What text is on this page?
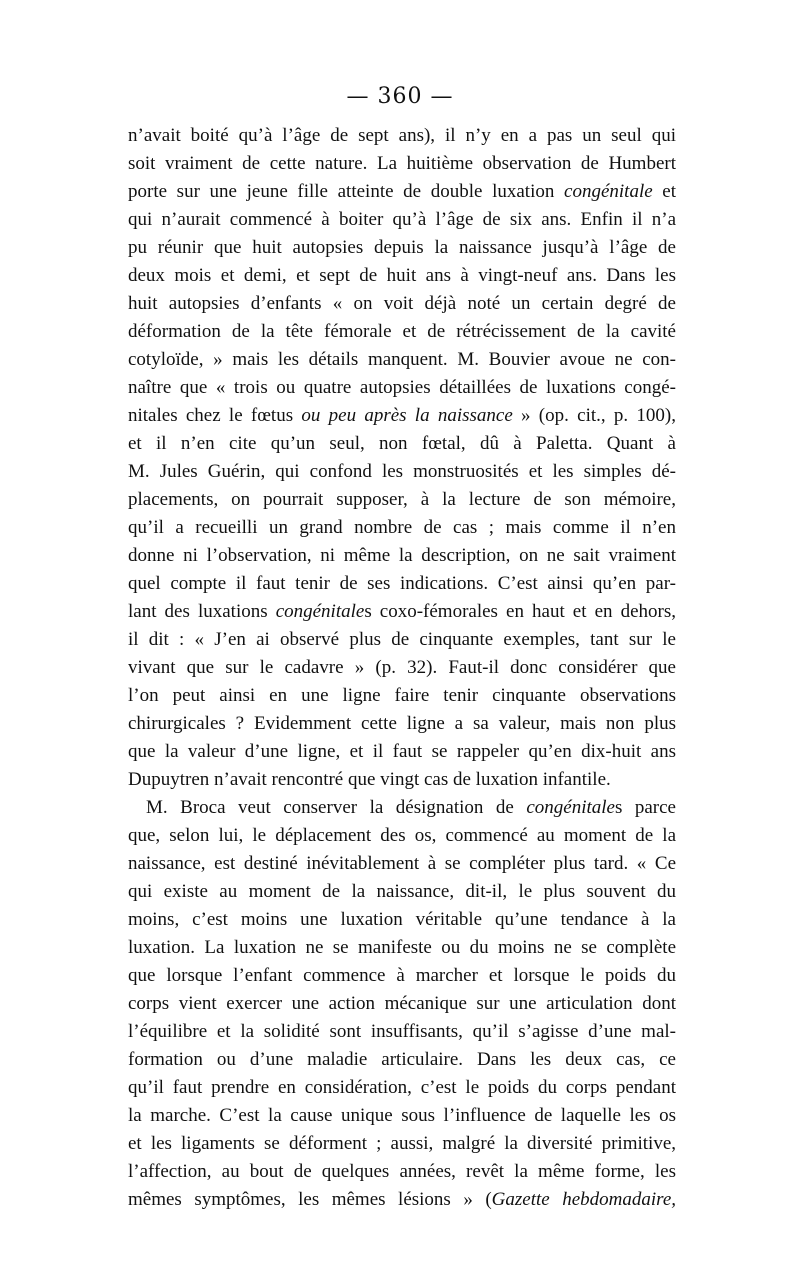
— 360 —
n’avait boité qu’à l’âge de sept ans), il n’y en a pas un seul qui
soit vraiment de cette nature. La huitième observation de Humbert
porte sur une jeune fille atteinte de double luxation congénitale et
qui n’aurait commencé à boiter qu’à l’âge de six ans. Enfin il n’a
pu réunir que huit autopsies depuis la naissance jusqu’à l’âge de
deux mois et demi, et sept de huit ans à vingt-neuf ans. Dans les
huit autopsies d’enfants « on voit déjà noté un certain degré de
déformation de la tête fémorale et de rétrécissement de la cavité
cotyloïde, » mais les détails manquent. M. Bouvier avoue ne con-
naître que « trois ou quatre autopsies détaillées de luxations congé-
nitales chez le fœtus ou peu après la naissance » (op. cit., p. 100),
et il n’en cite qu’un seul, non fœtal, dû à Paletta. Quant à
M. Jules Guérin, qui confond les monstruosités et les simples dé-
placements, on pourrait supposer, à la lecture de son mémoire,
qu’il a recueilli un grand nombre de cas ; mais comme il n’en
donne ni l’observation, ni même la description, on ne sait vraiment
quel compte il faut tenir de ses indications. C’est ainsi qu’en par-
lant des luxations congénitales coxo-fémorales en haut et en dehors,
il dit : « J’en ai observé plus de cinquante exemples, tant sur le
vivant que sur le cadavre » (p. 32). Faut-il donc considérer que
l’on peut ainsi en une ligne faire tenir cinquante observations
chirurgicales ? Evidemment cette ligne a sa valeur, mais non plus
que la valeur d’une ligne, et il faut se rappeler qu’en dix-huit ans
Dupuytren n’avait rencontré que vingt cas de luxation infantile.
M. Broca veut conserver la désignation de congénitales parce
que, selon lui, le déplacement des os, commencé au moment de la
naissance, est destiné inévitablement à se compléter plus tard. « Ce
qui existe au moment de la naissance, dit-il, le plus souvent du
moins, c’est moins une luxation véritable qu’une tendance à la
luxation. La luxation ne se manifeste ou du moins ne se complète
que lorsque l’enfant commence à marcher et lorsque le poids du
corps vient exercer une action mécanique sur une articulation dont
l’équilibre et la solidité sont insuffisants, qu’il s’agisse d’une mal-
formation ou d’une maladie articulaire. Dans les deux cas, ce
qu’il faut prendre en considération, c’est le poids du corps pendant
la marche. C’est la cause unique sous l’influence de laquelle les os
et les ligaments se déforment ; aussi, malgré la diversité primitive,
l’affection, au bout de quelques années, revêt la même forme, les
mêmes symptômes, les mêmes lésions » (Gazette hebdomadaire,
